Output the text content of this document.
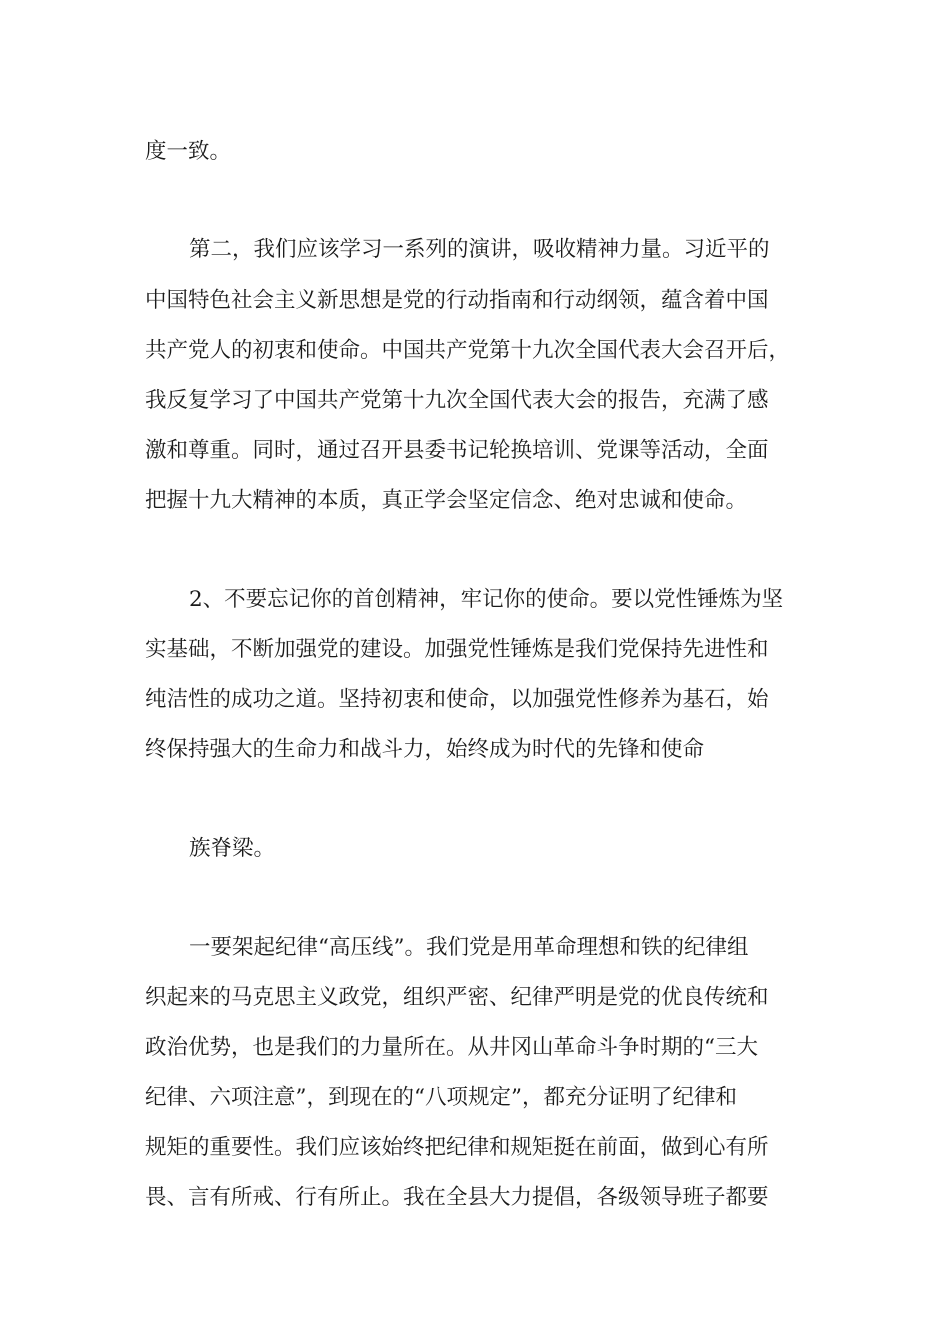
度一致。

第二，我们应该学习一系列的演讲，吸收精神力量。习近平的

中国特色社会主义新思想是党的行动指南和行动纲领，蕴含着中国

共产党人的初衷和使命。中国共产党第十九次全国代表大会召开后，

我反复学习了中国共产党第十九次全国代表大会的报告，充满了感

激和尊重。同时，通过召开县委书记轮换培训、党课等活动，全面

把握十九大精神的本质，真正学会坚定信念、绝对忠诚和使命。

2、不要忘记你的首创精神，牢记你的使命。要以党性锤炼为坚

实基础，不断加强党的建设。加强党性锤炼是我们党保持先进性和

纯洁性的成功之道。坚持初衷和使命，以加强党性修养为基石，始

终保持强大的生命力和战斗力，始终成为时代的先锋和使命

族脊梁。

一要架起纪律“高压线”。我们党是用革命理想和铁的纪律组

织起来的马克思主义政党，组织严密、纪律严明是党的优良传统和

政治优势，也是我们的力量所在。从井冈山革命斗争时期的“三大

纪律、六项注意”，到现在的“八项规定”，都充分证明了纪律和

规矩的重要性。我们应该始终把纪律和规矩挺在前面，做到心有所

畏、言有所戒、行有所止。我在全县大力提倡，各级领导班子都要
